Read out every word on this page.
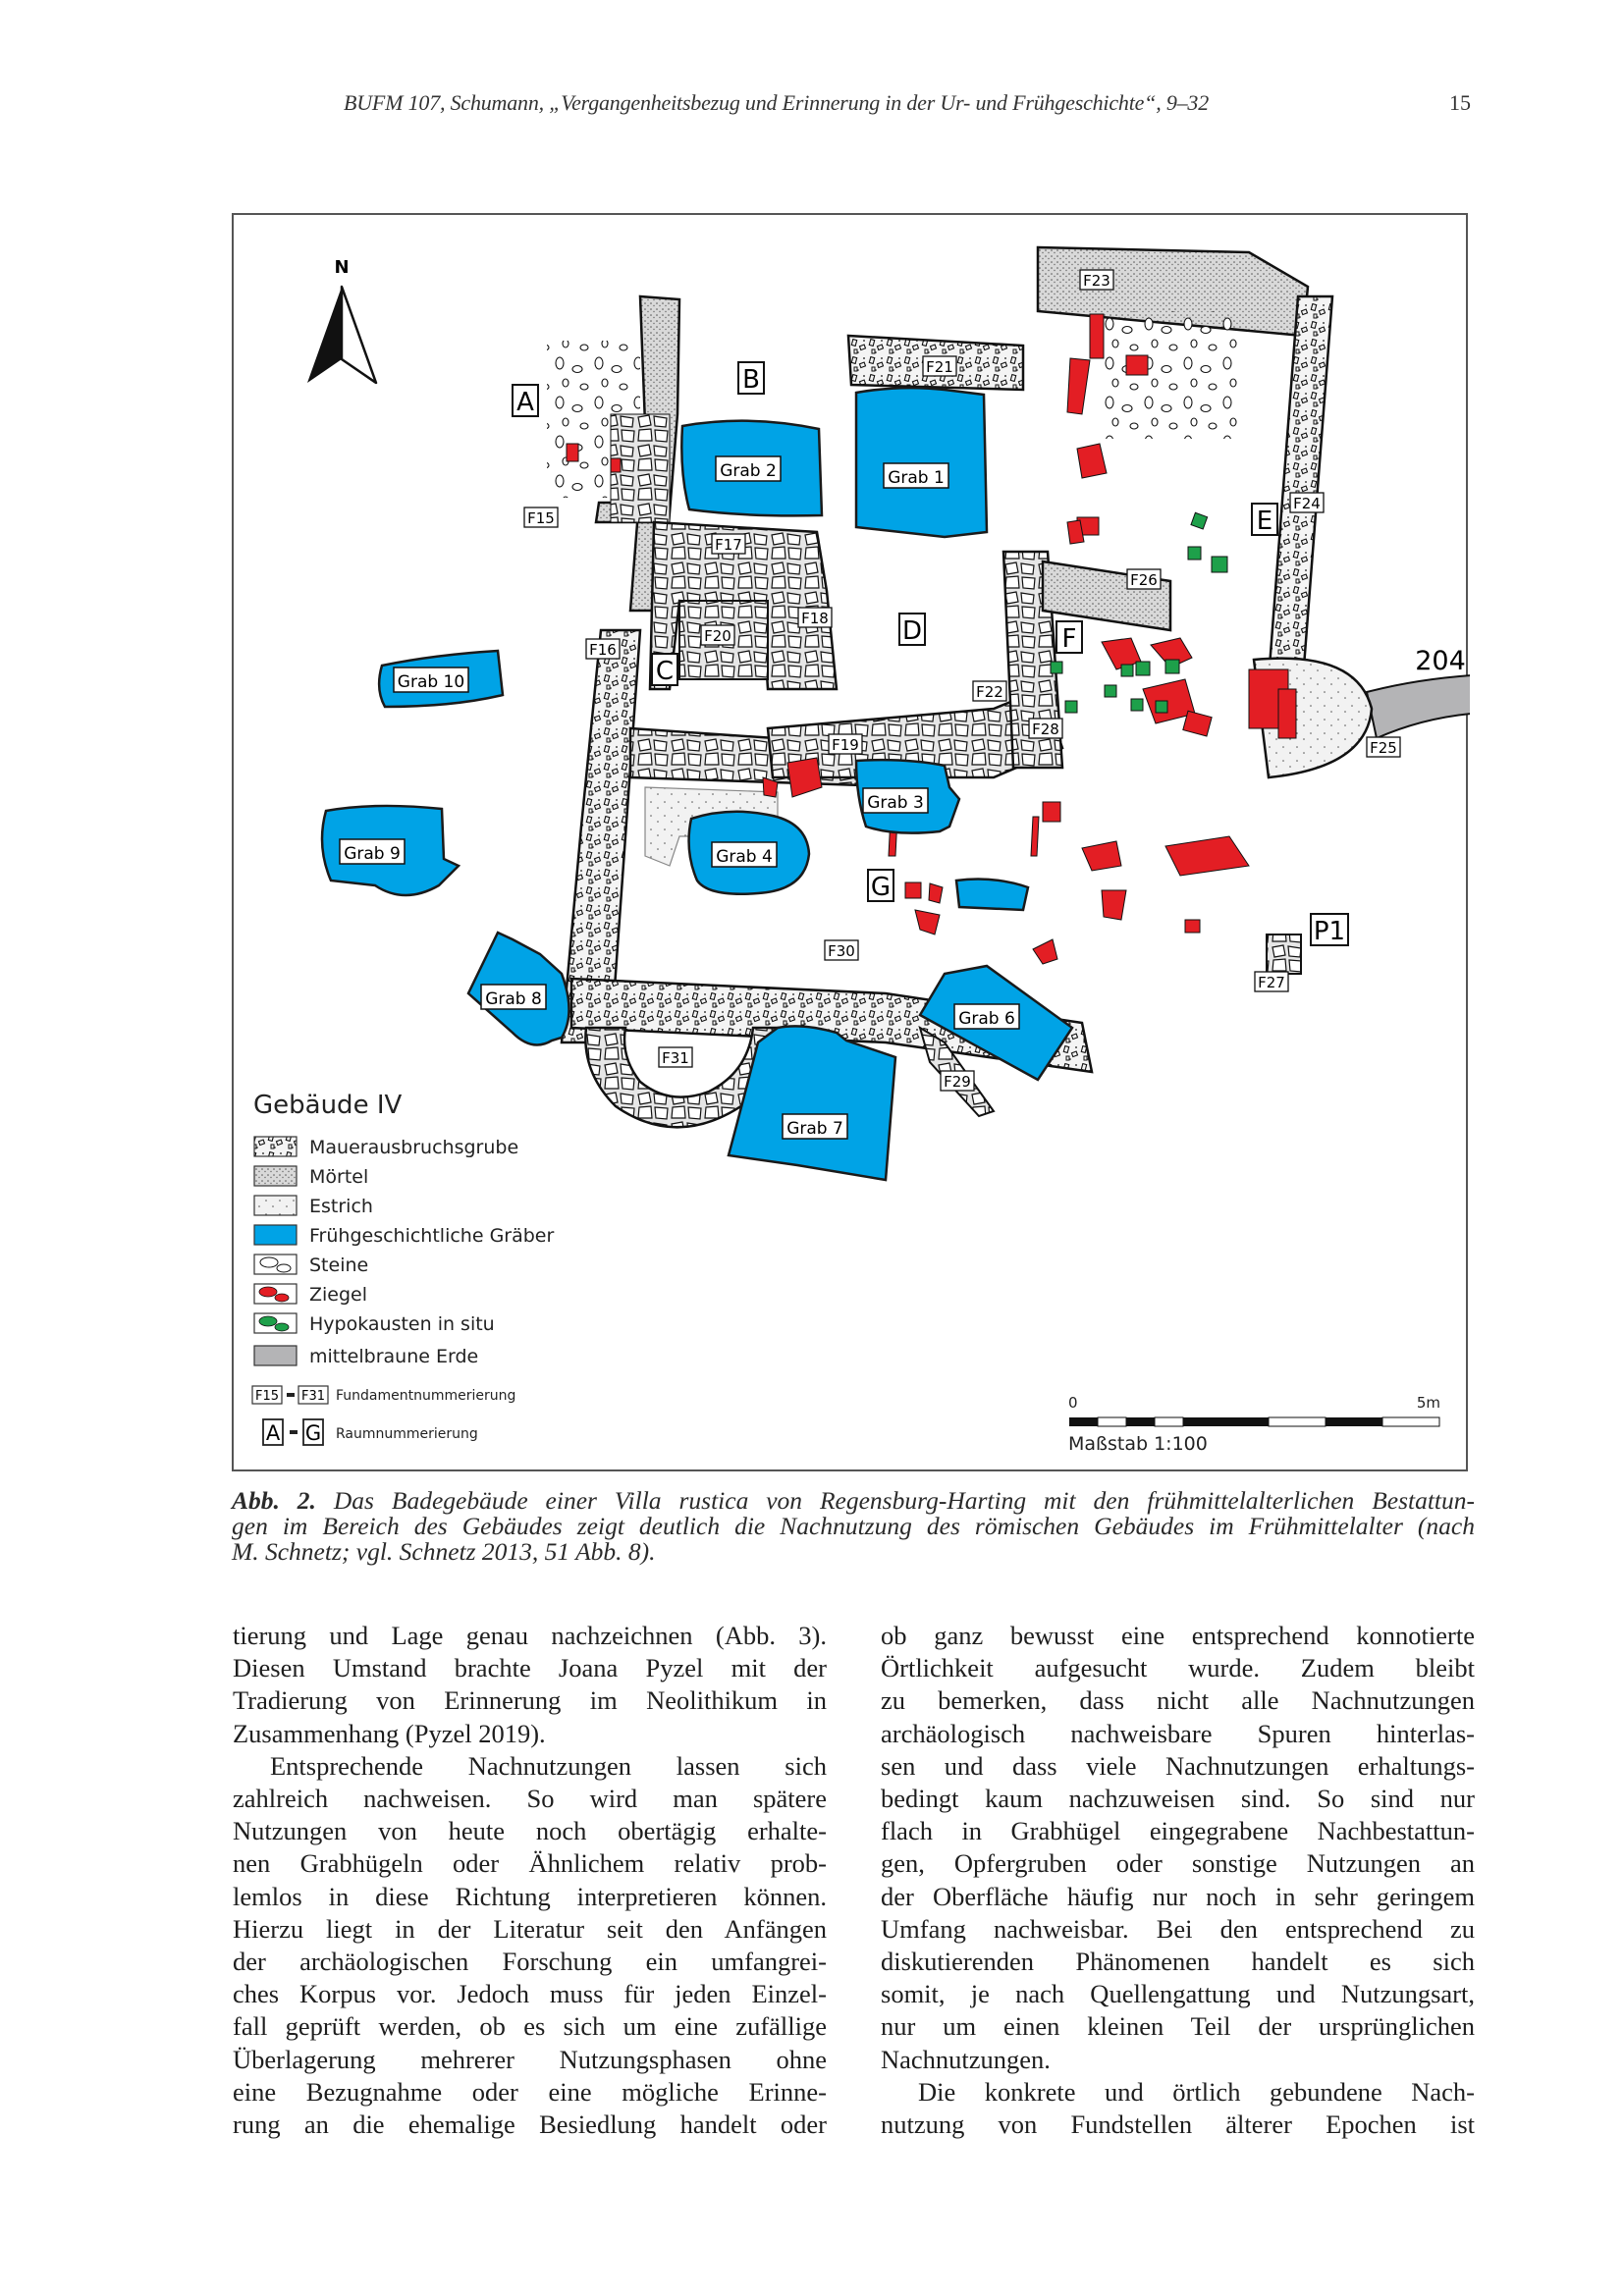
BUFM 107, Schumann, „Vergangenheitsbezug und Erinnerung in der Ur- und Frühgeschichte“, 9–32	15
Grab 1
Grab 2
Grab 3
Grab 4
Grab 6
Grab 7
Grab 8
Grab 9
Grab 10
A
B
C
D
E
F
G
P1
F15
F16
F17
F18
F19
F20
F21
F22
F23
F24
F25
F26
F27
F28
F29
F30
F31
N
204
Gebäude IV
Mauerausbruchsgrube
Mörtel
Estrich
Frühgeschichtliche Gräber
Steine
Ziegel
Hypokausten in situ
mittelbraune Erde
F15 F31 Fundamentnummerierung
A G Raumnummerierung
0	5m
Maßstab 1:100
Abb. 2. Das Badegebäude einer Villa rustica von Regensburg-Harting mit den frühmittelalterlichen Bestattun-
gen im Bereich des Gebäudes zeigt deutlich die Nachnutzung des römischen Gebäudes im Frühmittelalter (nach
M. Schnetz; vgl. Schnetz 2013, 51 Abb. 8).
tierung und Lage genau nachzeichnen (Abb. 3).
Diesen Umstand brachte Joana Pyzel mit der
Tradierung von Erinnerung im Neolithikum in
Zusammenhang (Pyzel 2019).
Entsprechende Nachnutzungen lassen sich
zahlreich nachweisen. So wird man spätere
Nutzungen von heute noch obertägig erhalte-
nen Grabhügeln oder Ähnlichem relativ prob-
lemlos in diese Richtung interpretieren können.
Hierzu liegt in der Literatur seit den Anfängen
der archäologischen Forschung ein umfangrei-
ches Korpus vor. Jedoch muss für jeden Einzel-
fall geprüft werden, ob es sich um eine zufällige
Überlagerung mehrerer Nutzungsphasen ohne
eine Bezugnahme oder eine mögliche Erinne-
rung an die ehemalige Besiedlung handelt oder
ob ganz bewusst eine entsprechend konnotierte
Örtlichkeit aufgesucht wurde. Zudem bleibt
zu bemerken, dass nicht alle Nachnutzungen
archäologisch nachweisbare Spuren hinterlas-
sen und dass viele Nachnutzungen erhaltungs-
bedingt kaum nachzuweisen sind. So sind nur
flach in Grabhügel eingegrabene Nachbestattun-
gen, Opfergruben oder sonstige Nutzungen an
der Oberfläche häufig nur noch in sehr geringem
Umfang nachweisbar. Bei den entsprechend zu
diskutierenden Phänomenen handelt es sich
somit, je nach Quellengattung und Nutzungsart,
nur um einen kleinen Teil der ursprünglichen
Nachnutzungen.
Die konkrete und örtlich gebundene Nach-
nutzung von Fundstellen älterer Epochen ist
